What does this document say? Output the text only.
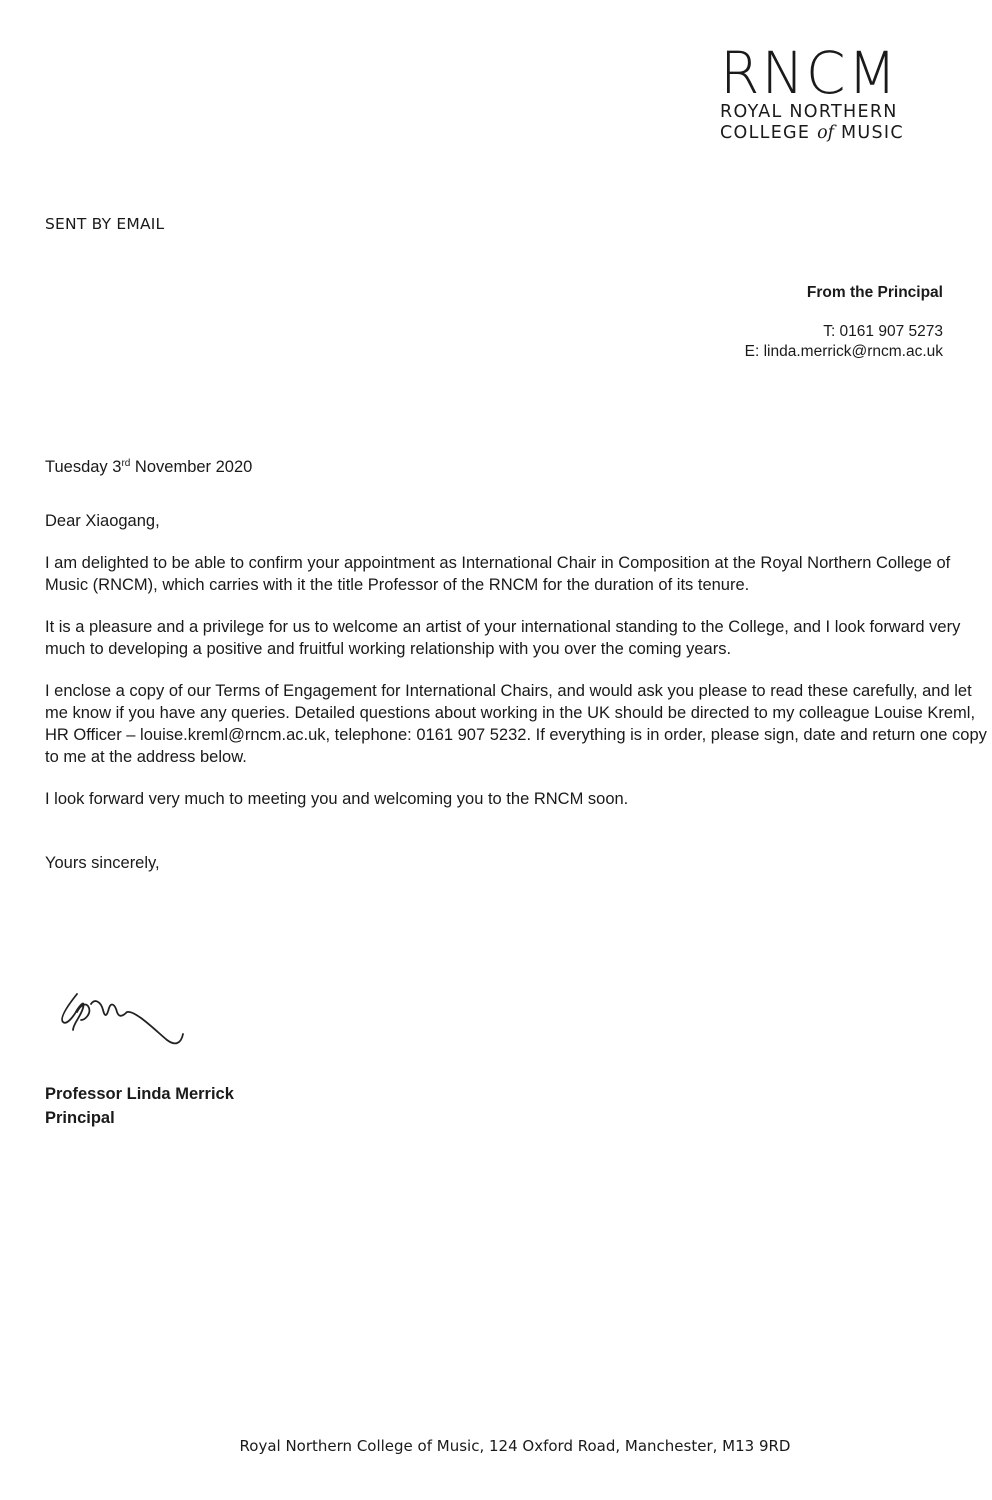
RNCM
ROYAL NORTHERN
COLLEGE of MUSIC
SENT BY EMAIL
From the Principal
T: 0161 907 5273
E: linda.merrick@rncm.ac.uk

Tuesday 3rd November 2020

Dear Xiaogang,

I am delighted to be able to confirm your appointment as International Chair in Composition at the Royal Northern College of Music (RNCM), which carries with it the title Professor of the RNCM for the duration of its tenure.

It is a pleasure and a privilege for us to welcome an artist of your international standing to the College, and I look forward very much to developing a positive and fruitful working relationship with you over the coming years.

I enclose a copy of our Terms of Engagement for International Chairs, and would ask you please to read these carefully, and let me know if you have any queries. Detailed questions about working in the UK should be directed to my colleague Louise Kreml, HR Officer – louise.kreml@rncm.ac.uk, telephone: 0161 907 5232. If everything is in order, please sign, date and return one copy to me at the address below.

I look forward very much to meeting you and welcoming you to the RNCM soon.

Yours sincerely,

Professor Linda Merrick
Principal
Royal Northern College of Music, 124 Oxford Road, Manchester, M13 9RD
